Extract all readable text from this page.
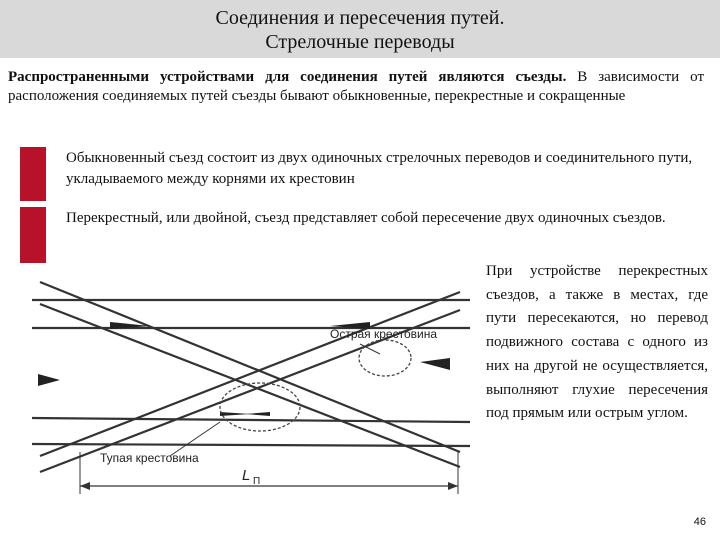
Соединения и пересечения путей.
Стрелочные переводы
Распространенными устройствами для соединения путей являются съезды. В зависимости от расположения соединяемых путей съезды бывают обыкновенные, перекрестные и сокращенные
Обыкновенный съезд состоит из двух одиночных стрелочных переводов и соединительного пути, укладываемого между корнями их крестовин
Перекрестный, или двойной, съезд представляет собой пересечение двух одиночных съездов.
Острая крестовина
Тупая крестовина
L П
При устройстве перекрестных съездов, а также в местах, где пути пересекаются, но перевод подвижного состава с одного из них на другой не осуществляется, выполняют глухие пересечения под прямым или острым углом.
46
